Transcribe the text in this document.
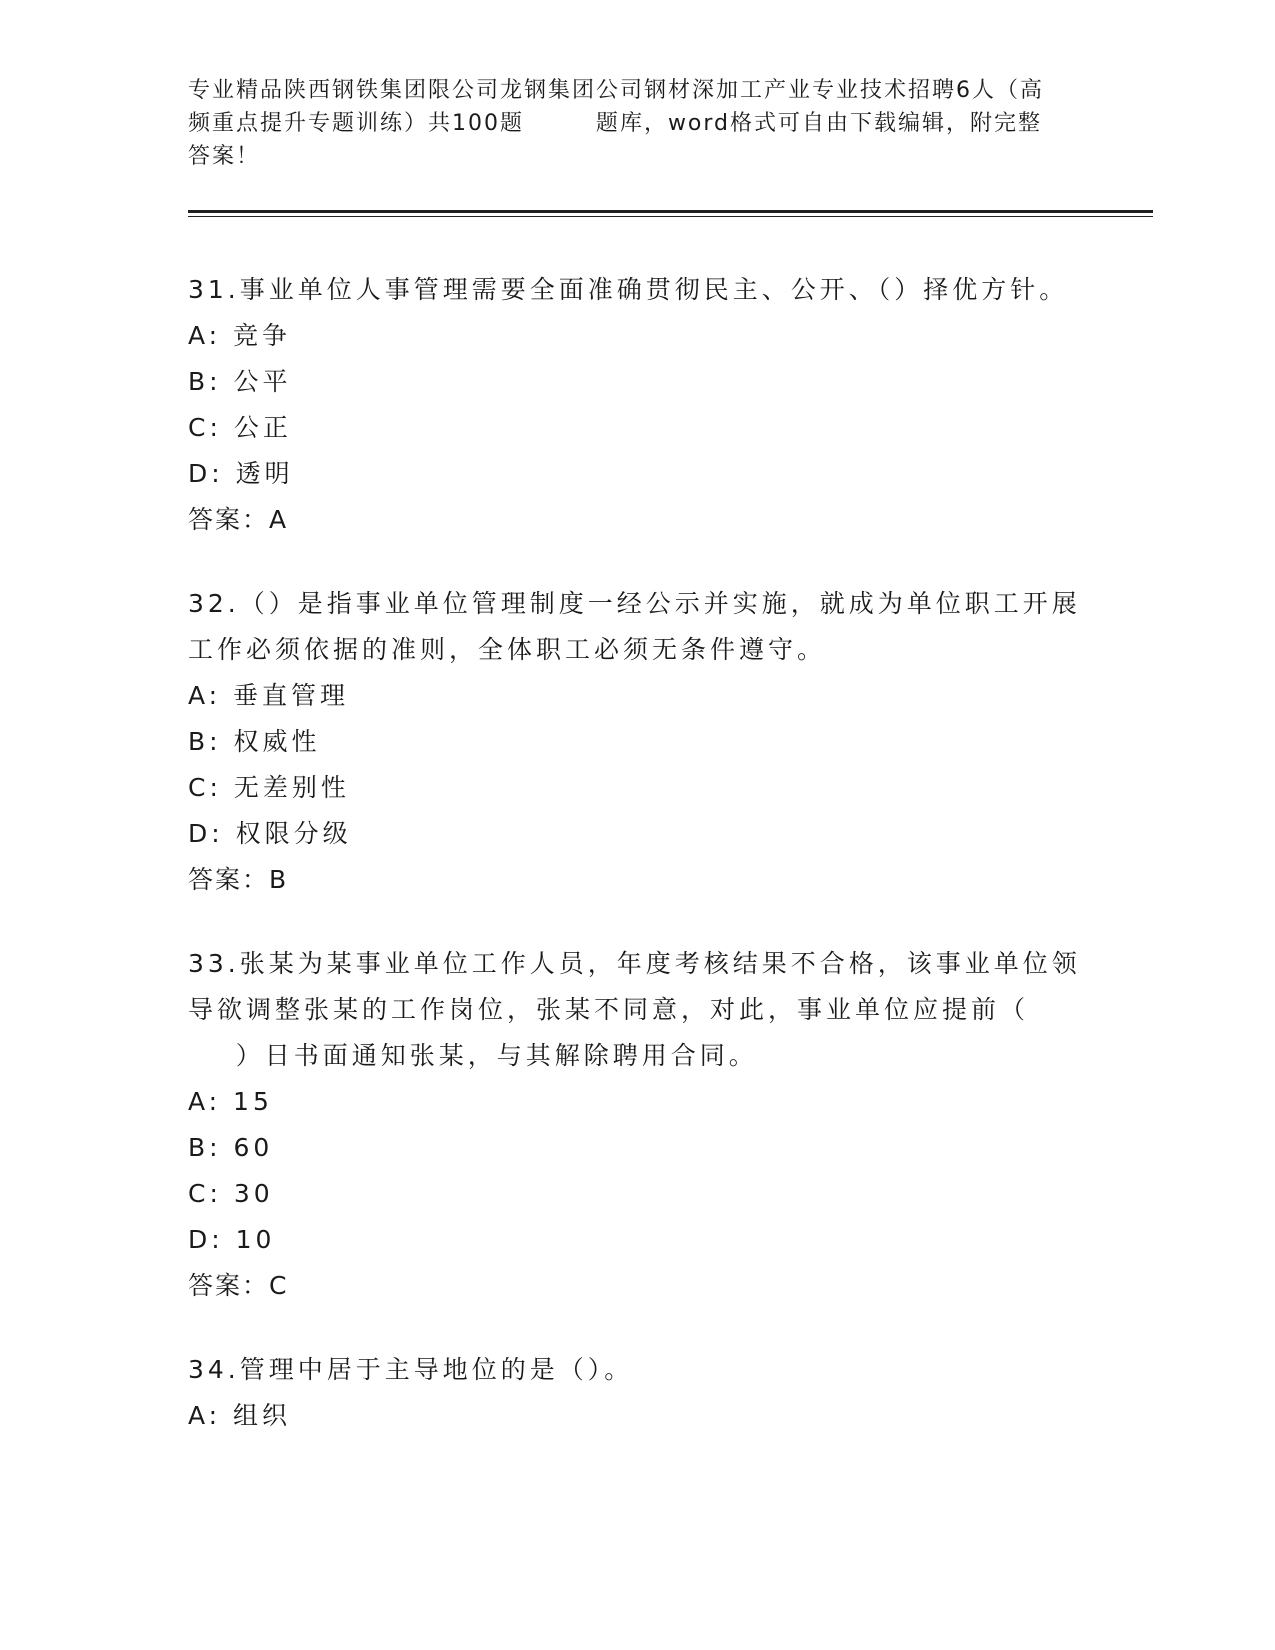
专业精品陕西钢铁集团限公司龙钢集团公司钢材深加工产业专业技术招聘6人（高
频重点提升专题训练）共100题        题库，word格式可自由下载编辑，附完整
答案！
31.事业单位人事管理需要全面准确贯彻民主、公开、（）择优方针。
A: 竞争
B: 公平
C: 公正
D: 透明
答案：A
32.（）是指事业单位管理制度一经公示并实施，就成为单位职工开展
工作必须依据的准则，全体职工必须无条件遵守。
A: 垂直管理
B: 权威性
C: 无差别性
D: 权限分级
答案：B
33.张某为某事业单位工作人员，年度考核结果不合格，该事业单位领
导欲调整张某的工作岗位，张某不同意，对此，事业单位应提前（
）日书面通知张某，与其解除聘用合同。
A: 15
B: 60
C: 30
D: 10
答案：C
34.管理中居于主导地位的是（）。
A: 组织
